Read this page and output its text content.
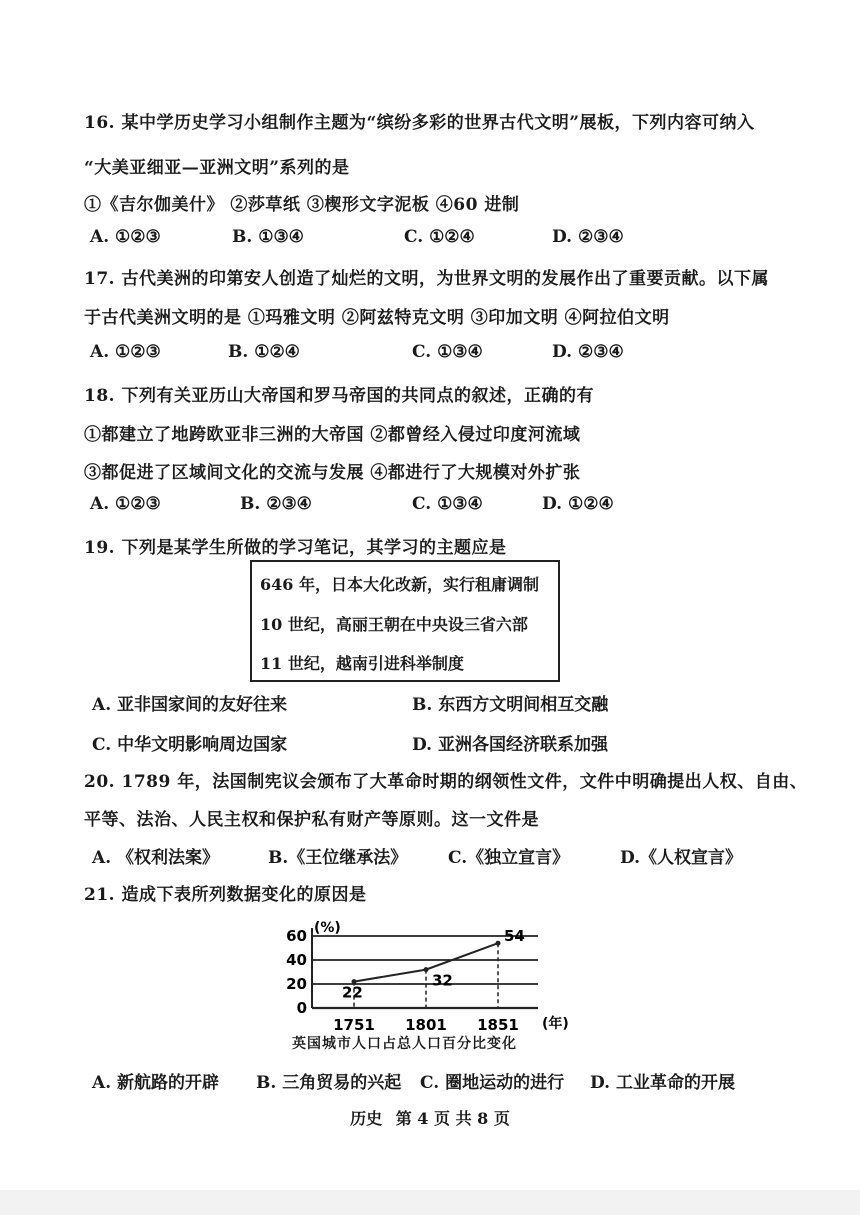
16. 某中学历史学习小组制作主题为“缤纷多彩的世界古代文明”展板，下列内容可纳入
“大美亚细亚—亚洲文明”系列的是
①《吉尔伽美什》 ②莎草纸 ③楔形文字泥板 ④60 进制
A. ①②③	B. ①③④	C. ①②④	D. ②③④
17. 古代美洲的印第安人创造了灿烂的文明，为世界文明的发展作出了重要贡献。以下属
于古代美洲文明的是 ①玛雅文明 ②阿兹特克文明 ③印加文明 ④阿拉伯文明
A. ①②③	B. ①②④	C. ①③④	D. ②③④
18. 下列有关亚历山大帝国和罗马帝国的共同点的叙述，正确的有
①都建立了地跨欧亚非三洲的大帝国 ②都曾经入侵过印度河流域
③都促进了区域间文化的交流与发展 ④都进行了大规模对外扩张
A. ①②③	B. ②③④	C. ①③④	D. ①②④
19. 下列是某学生所做的学习笔记，其学习的主题应是
646 年，日本大化改新，实行租庸调制
10 世纪，高丽王朝在中央设三省六部
11 世纪，越南引进科举制度
A. 亚非国家间的友好往来	B. 东西方文明间相互交融
C. 中华文明影响周边国家	D. 亚洲各国经济联系加强
20. 1789 年，法国制宪议会颁布了大革命时期的纲领性文件，文件中明确提出人权、自由、
平等、法治、人民主权和保护私有财产等原则。这一文件是
A. 《权利法案》	B.《王位继承法》 C.《独立宣言》	D.《人权宣言》
21. 造成下表所列数据变化的原因是
0
20
40
60 (%)
1751 1801 1851 (年)
22
32
54
英国城市人口占总人口百分比变化
A. 新航路的开辟 B. 三角贸易的兴起 C. 圈地运动的进行 D. 工业革命的开展
历史 第 4 页 共 8 页
